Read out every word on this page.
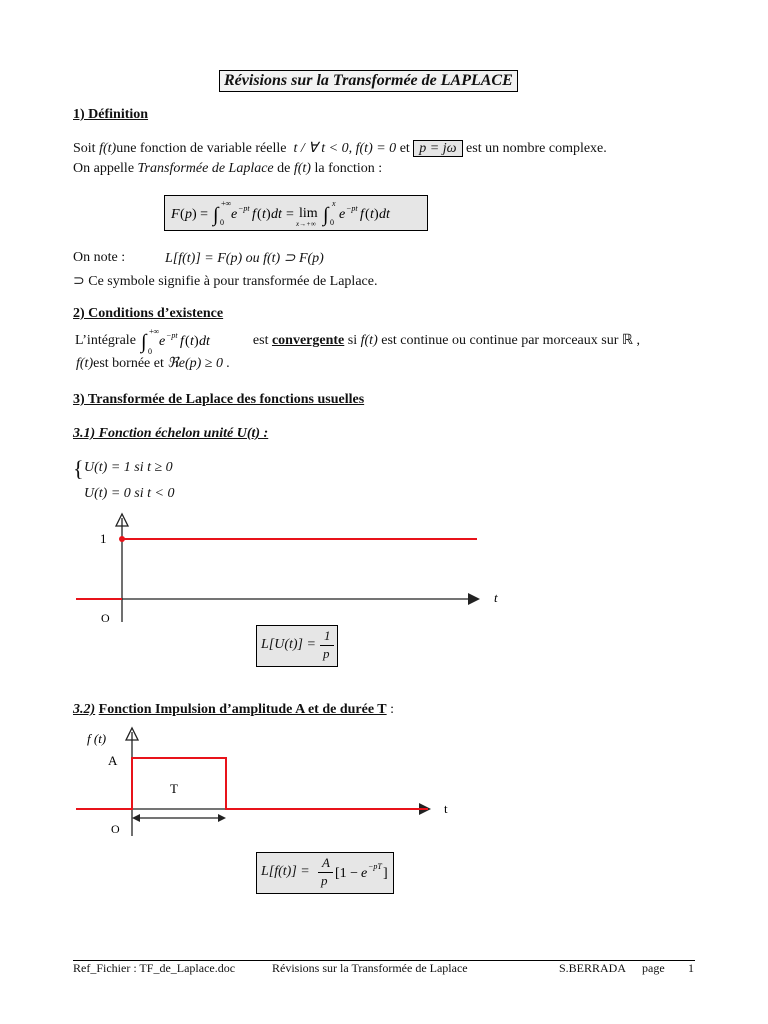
Révisions sur la Transformée de LAPLACE
1) Définition
Soit f(t)une fonction de variable réelle t / ∀ t < 0, f(t) = 0 et p = jω est un nombre complexe.
On appelle Transformée de Laplace de f(t) la fonction :
F ( p ) = ∫
+∞
0
e −pt f ( t ) dt = lim
x→+∞ ∫
x
0
e −pt f ( t ) dt
On note :	L[f(t)] = F(p) ou f(t) ⊃ F(p)
⊃ Ce symbole signifie à pour transformée de Laplace.
2) Conditions d’existence
L’intégrale ∫ +∞
0
e −pt f ( t ) dt	est convergente si f(t) est continue ou continue par morceaux sur ℝ ,
f(t)est bornée et ℜe(p) ≥ 0 .
3) Transformée de Laplace des fonctions usuelles
3.1) Fonction échelon unité U(t) :
{ U(t) = 1 si t ≥ 0
U(t) = 0 si t < 0
1
t
O
L[U(t)] =
1
p
3.2) Fonction Impulsion d’amplitude A et de durée T :
f (t)
A
T
t
O
L[f(t)] =
A
p [1 − e −pT ]
Ref_Fichier : TF_de_Laplace.doc	Révisions sur la Transformée de Laplace	S.BERRADA page 1
